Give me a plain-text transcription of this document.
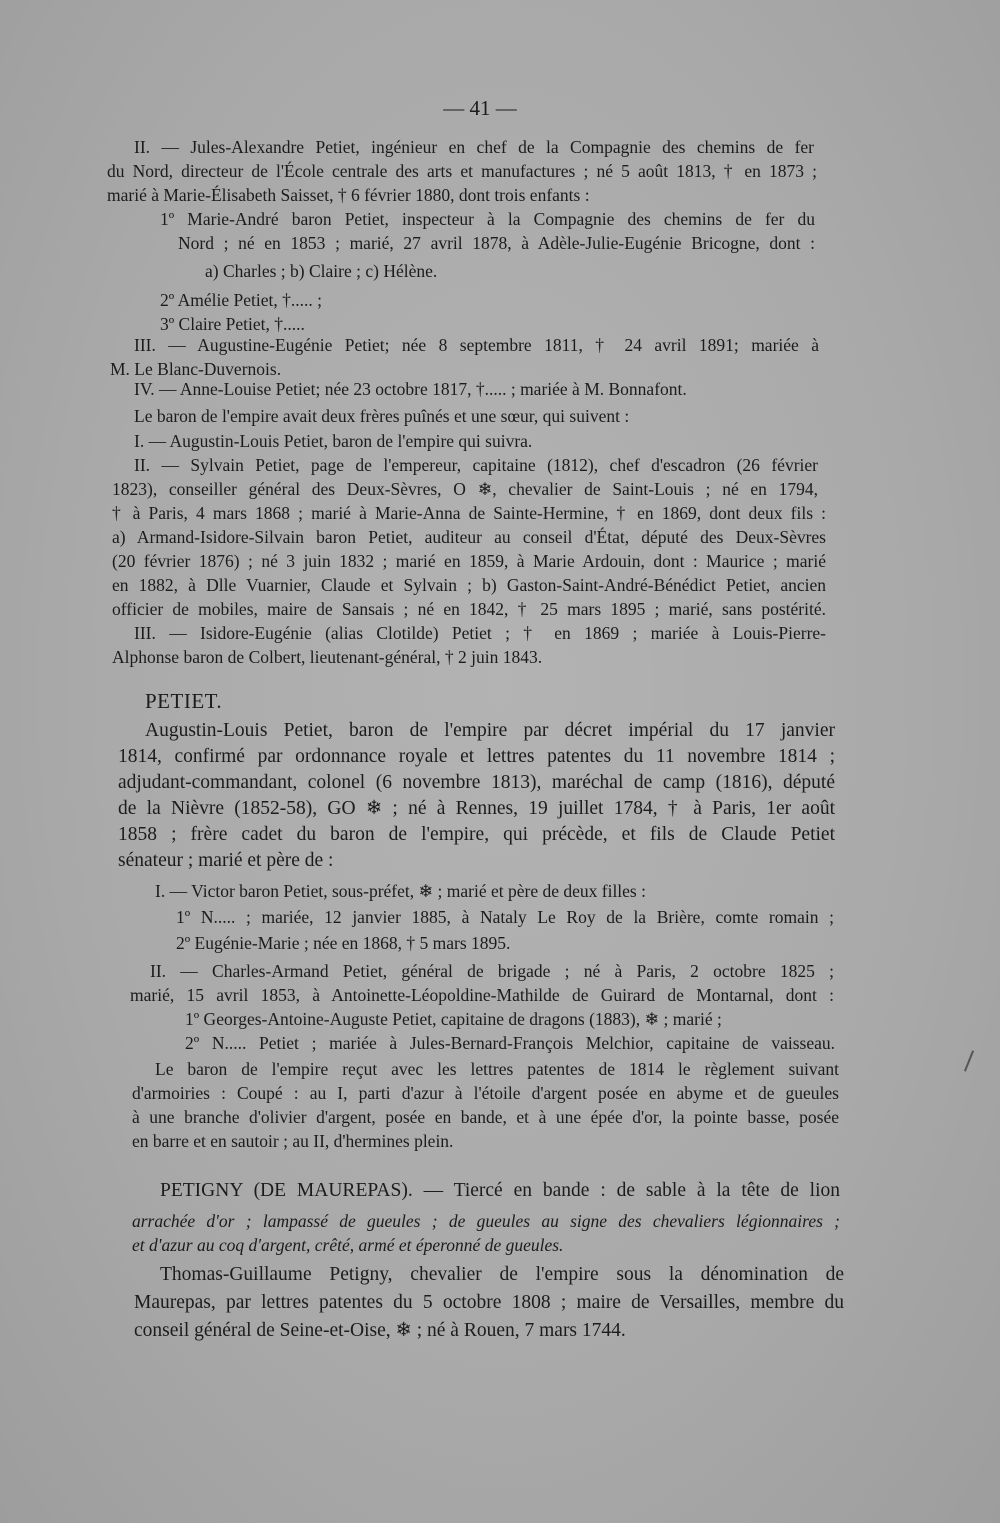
— 41 —
II. — Jules-Alexandre Petiet, ingénieur en chef de la Compagnie des chemins de fer
du Nord, directeur de l'École centrale des arts et manufactures ; né 5 août 1813, † en 1873 ;
marié à Marie-Élisabeth Saisset, † 6 février 1880, dont trois enfants :
1º Marie-André baron Petiet, inspecteur à la Compagnie des chemins de fer du
Nord ; né en 1853 ; marié, 27 avril 1878, à Adèle-Julie-Eugénie Bricogne, dont :
a) Charles ; b) Claire ; c) Hélène.
2º Amélie Petiet, †..... ;
3º Claire Petiet, †.....
III. — Augustine-Eugénie Petiet; née 8 septembre 1811, † 24 avril 1891; mariée à
M. Le Blanc-Duvernois.
IV. — Anne-Louise Petiet; née 23 octobre 1817, †..... ; mariée à M. Bonnafont.
Le baron de l'empire avait deux frères puînés et une sœur, qui suivent :
I. — Augustin-Louis Petiet, baron de l'empire qui suivra.
II. — Sylvain Petiet, page de l'empereur, capitaine (1812), chef d'escadron (26 février
1823), conseiller général des Deux-Sèvres, O ❄, chevalier de Saint-Louis ; né en 1794,
† à Paris, 4 mars 1868 ; marié à Marie-Anna de Sainte-Hermine, † en 1869, dont deux fils :
a) Armand-Isidore-Silvain baron Petiet, auditeur au conseil d'État, député des Deux-Sèvres
(20 février 1876) ; né 3 juin 1832 ; marié en 1859, à Marie Ardouin, dont : Maurice ; marié
en 1882, à Dlle Vuarnier, Claude et Sylvain ; b) Gaston-Saint-André-Bénédict Petiet, ancien
officier de mobiles, maire de Sansais ; né en 1842, † 25 mars 1895 ; marié, sans postérité.
III. — Isidore-Eugénie (alias Clotilde) Petiet ; † en 1869 ; mariée à Louis-Pierre-
Alphonse baron de Colbert, lieutenant-général, † 2 juin 1843.
PETIET.
Augustin-Louis Petiet, baron de l'empire par décret impérial du 17 janvier
1814, confirmé par ordonnance royale et lettres patentes du 11 novembre 1814 ;
adjudant-commandant, colonel (6 novembre 1813), maréchal de camp (1816), député
de la Nièvre (1852-58), GO ❄ ; né à Rennes, 19 juillet 1784, † à Paris, 1er août
1858 ; frère cadet du baron de l'empire, qui précède, et fils de Claude Petiet
sénateur ; marié et père de :
I. — Victor baron Petiet, sous-préfet, ❄ ; marié et père de deux filles :
1º N..... ; mariée, 12 janvier 1885, à Nataly Le Roy de la Brière, comte romain ;
2º Eugénie-Marie ; née en 1868, † 5 mars 1895.
II. — Charles-Armand Petiet, général de brigade ; né à Paris, 2 octobre 1825 ;
marié, 15 avril 1853, à Antoinette-Léopoldine-Mathilde de Guirard de Montarnal, dont :
1º Georges-Antoine-Auguste Petiet, capitaine de dragons (1883), ❄ ; marié ;
2º N..... Petiet ; mariée à Jules-Bernard-François Melchior, capitaine de vaisseau.
Le baron de l'empire reçut avec les lettres patentes de 1814 le règlement suivant
d'armoiries : Coupé : au I, parti d'azur à l'étoile d'argent posée en abyme et de gueules
à une branche d'olivier d'argent, posée en bande, et à une épée d'or, la pointe basse, posée
en barre et en sautoir ; au II, d'hermines plein.
PETIGNY (DE MAUREPAS). — Tiercé en bande : de sable à la tête de lion
arrachée d'or ; lampassé de gueules ; de gueules au signe des chevaliers légionnaires ;
et d'azur au coq d'argent, crêté, armé et éperonné de gueules.
Thomas-Guillaume Petigny, chevalier de l'empire sous la dénomination de
Maurepas, par lettres patentes du 5 octobre 1808 ; maire de Versailles, membre du
conseil général de Seine-et-Oise, ❄ ; né à Rouen, 7 mars 1744.
